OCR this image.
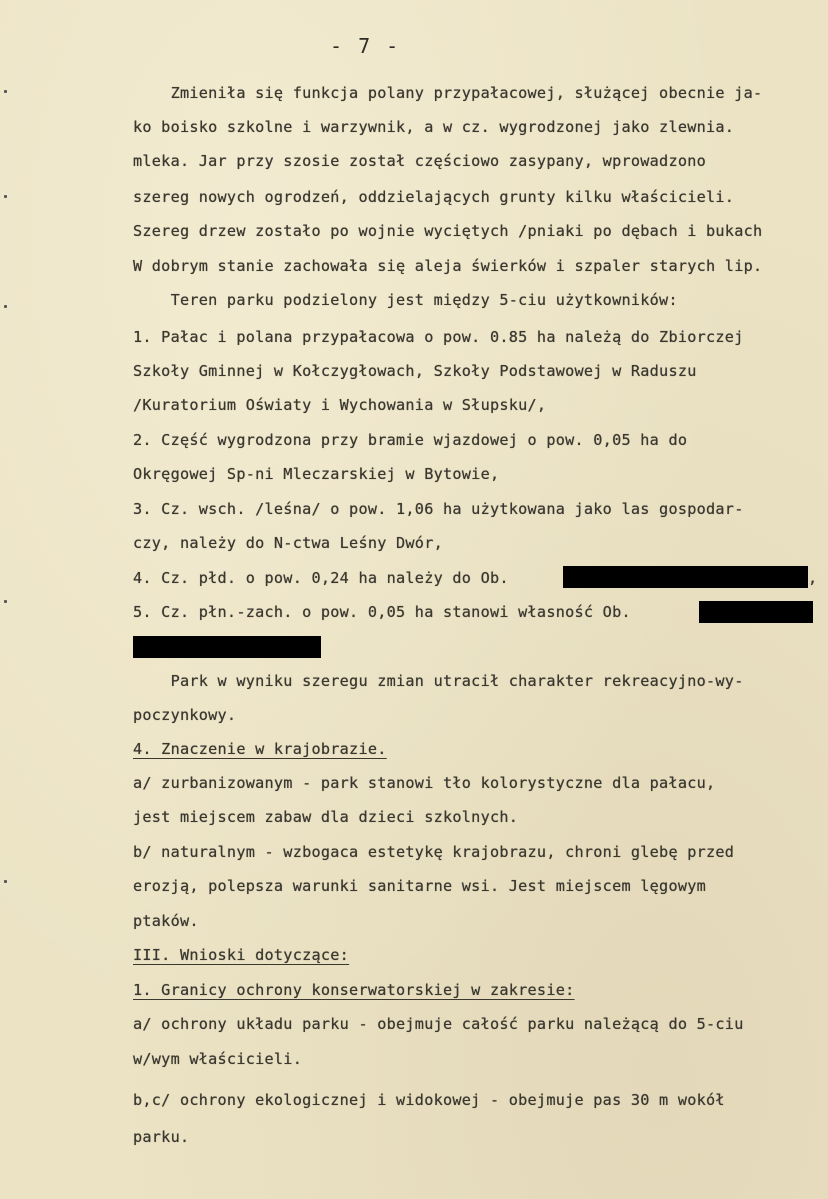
- 7 -
Zmieniła się funkcja polany przypałacowej, służącej obecnie ja-
ko boisko szkolne i warzywnik, a w cz. wygrodzonej jako zlewnia.
mleka. Jar przy szosie został częściowo zasypany, wprowadzono
szereg nowych ogrodzeń, oddzielających grunty kilku właścicieli.
Szereg drzew zostało po wojnie wyciętych /pniaki po dębach i bukach
W dobrym stanie zachowała się aleja świerków i szpaler starych lip.
Teren parku podzielony jest między 5-ciu użytkowników:
1. Pałac i polana przypałacowa o pow. 0.85 ha należą do Zbiorczej
Szkoły Gminnej w Kołczygłowach, Szkoły Podstawowej w Raduszu
/Kuratorium Oświaty i Wychowania w Słupsku/,
2. Część wygrodzona przy bramie wjazdowej o pow. 0,05 ha do
Okręgowej Sp-ni Mleczarskiej w Bytowie,
3. Cz. wsch. /leśna/ o pow. 1,06 ha użytkowana jako las gospodar-
czy, należy do N-ctwa Leśny Dwór,
4. Cz. płd. o pow. 0,24 ha należy do Ob.	,
5. Cz. płn.-zach. o pow. 0,05 ha stanowi własność Ob.
Park w wyniku szeregu zmian utracił charakter rekreacyjno-wy-
poczynkowy.
4. Znaczenie w krajobrazie.
a/ zurbanizowanym - park stanowi tło kolorystyczne dla pałacu,
jest miejscem zabaw dla dzieci szkolnych.
b/ naturalnym - wzbogaca estetykę krajobrazu, chroni glebę przed
erozją, polepsza warunki sanitarne wsi. Jest miejscem lęgowym
ptaków.
III. Wnioski dotyczące:
1. Granicy ochrony konserwatorskiej w zakresie:
a/ ochrony układu parku - obejmuje całość parku należącą do 5-ciu
w/wym właścicieli.
b,c/ ochrony ekologicznej i widokowej - obejmuje pas 30 m wokół
parku.
